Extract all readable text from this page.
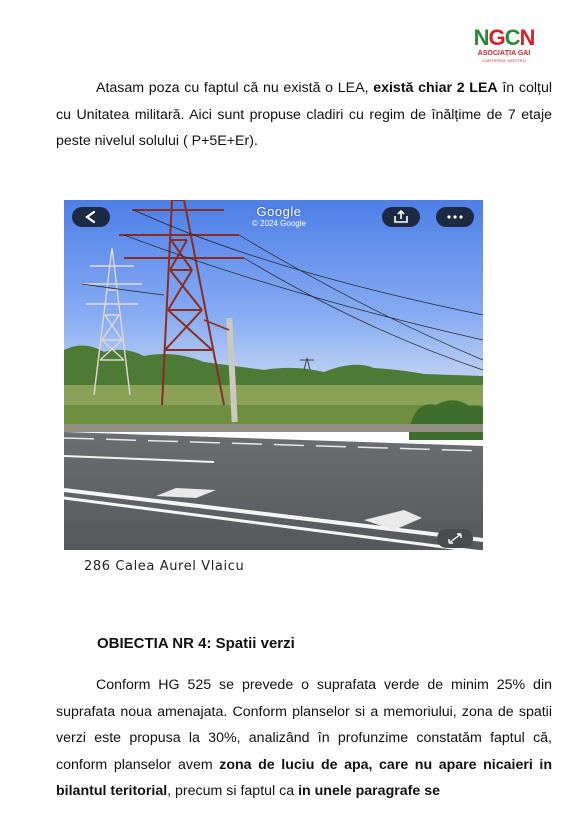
NGCN
ASOCIAȚIA GAI
CARTIERUL NOSTRU

Atasam poza cu faptul că nu există o LEA, există chiar 2 LEA în colțul cu Unitatea militară. Aici sunt propuse cladiri cu regim de înălțime de 7 etaje peste nivelul solului ( P+5E+Er).

Google
© 2024 Google
286 Calea Aurel Vlaicu
OBIECTIA NR 4: Spatii verzi

Conform HG 525 se prevede o suprafata verde de minim 25% din suprafata noua amenajata. Conform planselor si a memoriului, zona de spatii verzi este propusa la 30%, analizând în profunzime constatăm faptul că, conform planselor avem zona de luciu de apa, care nu apare nicaieri in bilantul teritorial, precum si faptul ca in unele paragrafe se
